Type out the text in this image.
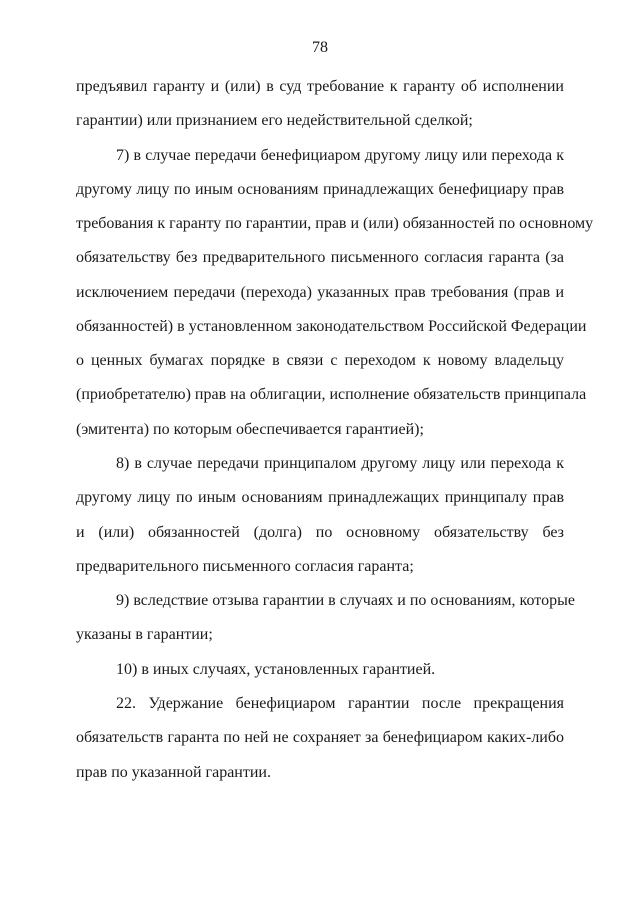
78
предъявил гаранту и (или) в суд требование к гаранту об исполнении
гарантии) или признанием его недействительной сделкой;
7) в случае передачи бенефициаром другому лицу или перехода к
другому лицу по иным основаниям принадлежащих бенефициару прав
требования к гаранту по гарантии, прав и (или) обязанностей по основному
обязательству без предварительного письменного согласия гаранта (за
исключением передачи (перехода) указанных прав требования (прав и
обязанностей) в установленном законодательством Российской Федерации
о ценных бумагах порядке в связи с переходом к новому владельцу
(приобретателю) прав на облигации, исполнение обязательств принципала
(эмитента) по которым обеспечивается гарантией);
8) в случае передачи принципалом другому лицу или перехода к
другому лицу по иным основаниям принадлежащих принципалу прав
и (или) обязанностей (долга) по основному обязательству без
предварительного письменного согласия гаранта;
9) вследствие отзыва гарантии в случаях и по основаниям, которые
указаны в гарантии;
10) в иных случаях, установленных гарантией.
22. Удержание бенефициаром гарантии после прекращения
обязательств гаранта по ней не сохраняет за бенефициаром каких-либо
прав по указанной гарантии.
